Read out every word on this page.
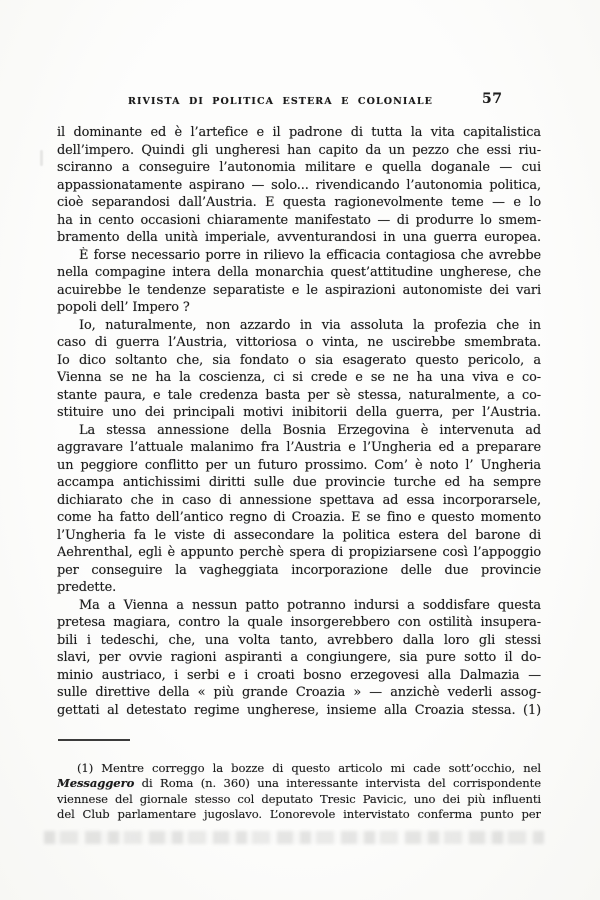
RIVISTA DI POLITICA ESTERA E COLONIALE	57
il dominante ed è l’artefice e il padrone di tutta la vita capitalistica
dell’impero. Quindi gli ungheresi han capito da un pezzo che essi riu-
sciranno a conseguire l’autonomia militare e quella doganale — cui
appassionatamente aspirano — solo... rivendicando l’autonomia politica,
cioè separandosi dall’Austria. E questa ragionevolmente teme — e lo
ha in cento occasioni chiaramente manifestato — di produrre lo smem-
bramento della unità imperiale, avventurandosi in una guerra europea.
È forse necessario porre in rilievo la efficacia contagiosa che avrebbe
nella compagine intera della monarchia quest’attitudine ungherese, che
acuirebbe le tendenze separatiste e le aspirazioni autonomiste dei vari
popoli dell’ Impero ?
Io, naturalmente, non azzardo in via assoluta la profezia che in
caso di guerra l’Austria, vittoriosa o vinta, ne uscirebbe smembrata.
Io dico soltanto che, sia fondato o sia esagerato questo pericolo, a
Vienna se ne ha la coscienza, ci si crede e se ne ha una viva e co-
stante paura, e tale credenza basta per sè stessa, naturalmente, a co-
stituire uno dei principali motivi inibitorii della guerra, per l’Austria.
La stessa annessione della Bosnia Erzegovina è intervenuta ad
aggravare l’attuale malanimo fra l’Austria e l’Ungheria ed a preparare
un peggiore conflitto per un futuro prossimo. Com’ è noto l’ Ungheria
accampa antichissimi diritti sulle due provincie turche ed ha sempre
dichiarato che in caso di annessione spettava ad essa incorporarsele,
come ha fatto dell’antico regno di Croazia. E se fino e questo momento
l’Ungheria fa le viste di assecondare la politica estera del barone di
Aehrenthal, egli è appunto perchè spera di propiziarsene così l’appoggio
per conseguire la vagheggiata incorporazione delle due provincie
predette.
Ma a Vienna a nessun patto potranno indursi a soddisfare questa
pretesa magiara, contro la quale insorgerebbero con ostilità insupera-
bili i tedeschi, che, una volta tanto, avrebbero dalla loro gli stessi
slavi, per ovvie ragioni aspiranti a congiungere, sia pure sotto il do-
minio austriaco, i serbi e i croati bosno erzegovesi alla Dalmazia —
sulle direttive della « più grande Croazia » — anzichè vederli assog-
gettati al detestato regime ungherese, insieme alla Croazia stessa. (1)
(1) Mentre correggo la bozze di questo articolo mi cade sott’occhio, nel
Messaggero di Roma (n. 360) una interessante intervista del corrispondente
viennese del giornale stesso col deputato Tresic Pavicic, uno dei più influenti
del Club parlamentare jugoslavo. L’onorevole intervistato conferma punto per
